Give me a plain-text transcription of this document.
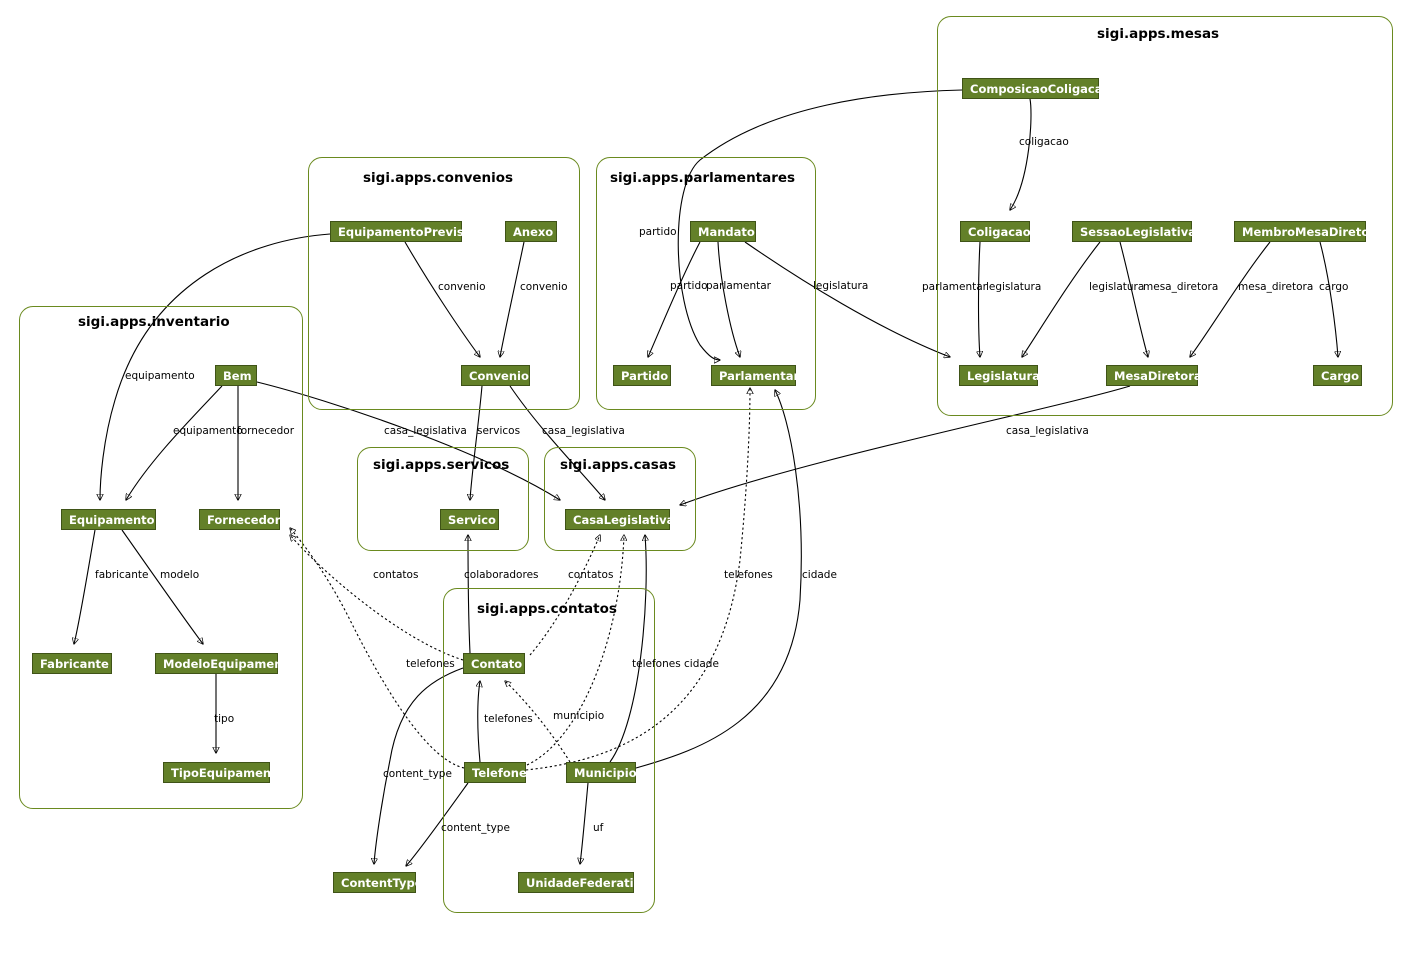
sigi.apps.mesas
sigi.apps.convenios	sigi.apps.parlamentares
sigi.apps.inventario
sigi.apps.servicos	sigi.apps.casas
sigi.apps.contatos
ComposicaoColigacao
EquipamentoPrevisto	Anexo	Mandato	Coligacao	SessaoLegislativa	MembroMesaDiretora
Bem	Convenio	Partido	Parlamentar	Legislatura	MesaDiretora	Cargo
Equipamento	Fornecedor	Servico	CasaLegislativa
Fabricante	ModeloEquipamento	Contato
Telefone	Municipio
TipoEquipamento
ContentType	UnidadeFederativa
coligacao
convenio	convenio
partido
partido
parlamentar	legislatura	parlamentar legislatura	legislatura
mesa_diretora mesa_diretora cargo
equipamento
equipamento
fornecedor	casa_legislativa servicos casa_legislativa	casa_legislativa
fabricante modelo	contatos	colaboradores	contatos	telefones	cidade
telefones	telefones cidade
telefones municipio
tipo
content_type
content_type	uf
